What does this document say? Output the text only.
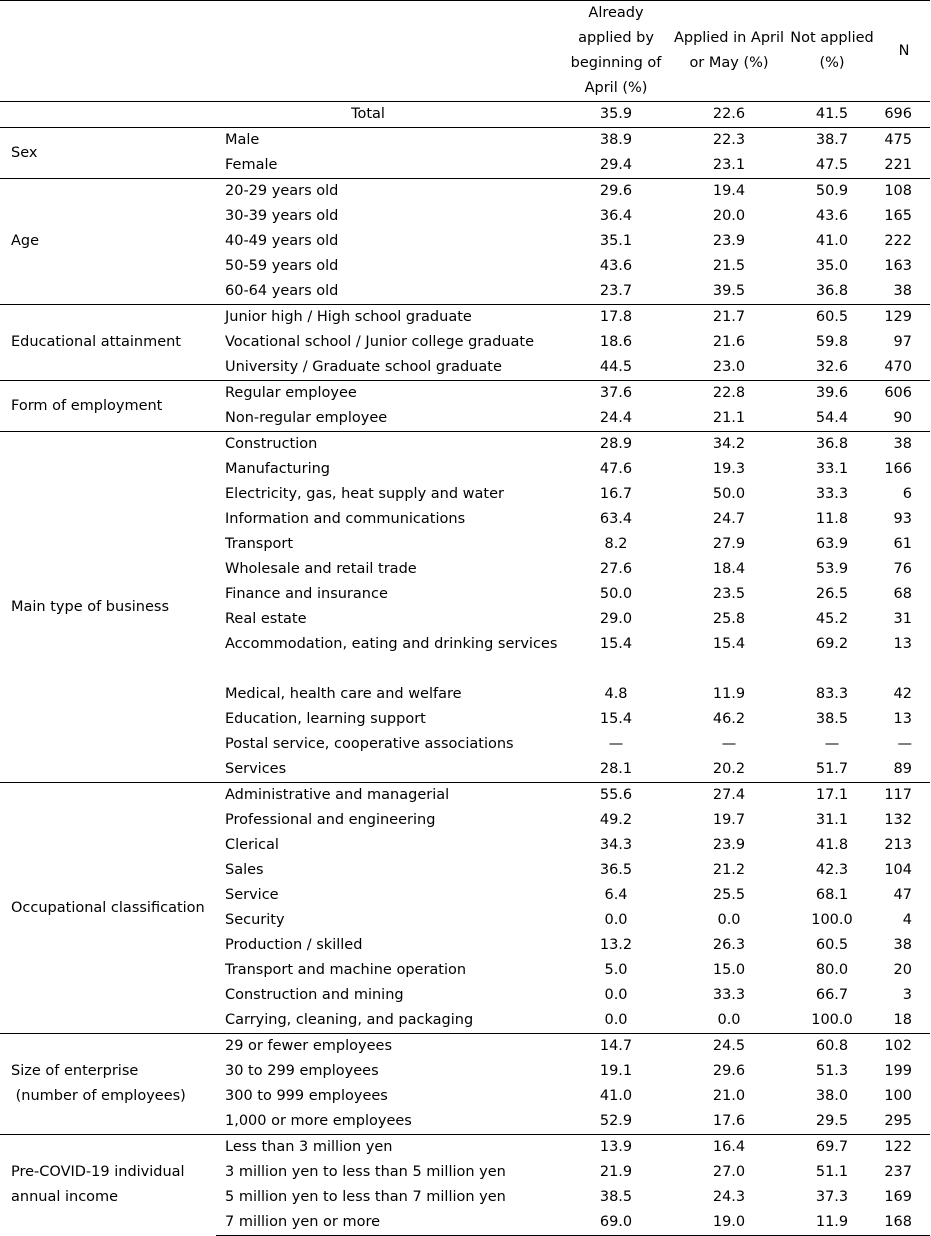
		Already applied by beginning of April (%)	Applied in April or May (%)	Not applied (%)	N
Total		35.9	22.6	41.5	696

Sex	Male	38.9	22.3	38.7	475
	Female	29.4	23.1	47.5	221

Age	20-29 years old	29.6	19.4	50.9	108
	30-39 years old	36.4	20.0	43.6	165
	40-49 years old	35.1	23.9	41.0	222
	50-59 years old	43.6	21.5	35.0	163
	60-64 years old	23.7	39.5	36.8	38

Educational attainment	Junior high / High school graduate	17.8	21.7	60.5	129
	Vocational school / Junior college graduate	18.6	21.6	59.8	97
	University / Graduate school graduate	44.5	23.0	32.6	470

Form of employment	Regular employee	37.6	22.8	39.6	606
	Non-regular employee	24.4	21.1	54.4	90

Main type of business	Construction	28.9	34.2	36.8	38
	Manufacturing	47.6	19.3	33.1	166
	Electricity, gas, heat supply and water	16.7	50.0	33.3	6
	Information and communications	63.4	24.7	11.8	93
	Transport	8.2	27.9	63.9	61
	Wholesale and retail trade	27.6	18.4	53.9	76
	Finance and insurance	50.0	23.5	26.5	68
	Real estate	29.0	25.8	45.2	31
	Accommodation, eating and drinking services	15.4	15.4	69.2	13
	Medical, health care and welfare	4.8	11.9	83.3	42
	Education, learning support	15.4	46.2	38.5	13
	Postal service, cooperative associations	—	—	—	—
	Services	28.1	20.2	51.7	89

Occupational classification	Administrative and managerial	55.6	27.4	17.1	117
	Professional and engineering	49.2	19.7	31.1	132
	Clerical	34.3	23.9	41.8	213
	Sales	36.5	21.2	42.3	104
	Service	6.4	25.5	68.1	47
	Security	0.0	0.0	100.0	4
	Production / skilled	13.2	26.3	60.5	38
	Transport and machine operation	5.0	15.0	80.0	20
	Construction and mining	0.0	33.3	66.7	3
	Carrying, cleaning, and packaging	0.0	0.0	100.0	18

Size of enterprise
(number of employees)	29 or fewer employees	14.7	24.5	60.8	102
	30 to 299 employees	19.1	29.6	51.3	199
	300 to 999 employees	41.0	21.0	38.0	100
	1,000 or more employees	52.9	17.6	29.5	295

Pre-COVID-19 individual
annual income	Less than 3 million yen	13.9	16.4	69.7	122
	3 million yen to less than 5 million yen	21.9	27.0	51.1	237
	5 million yen to less than 7 million yen	38.5	24.3	37.3	169
	7 million yen or more	69.0	19.0	11.9	168
